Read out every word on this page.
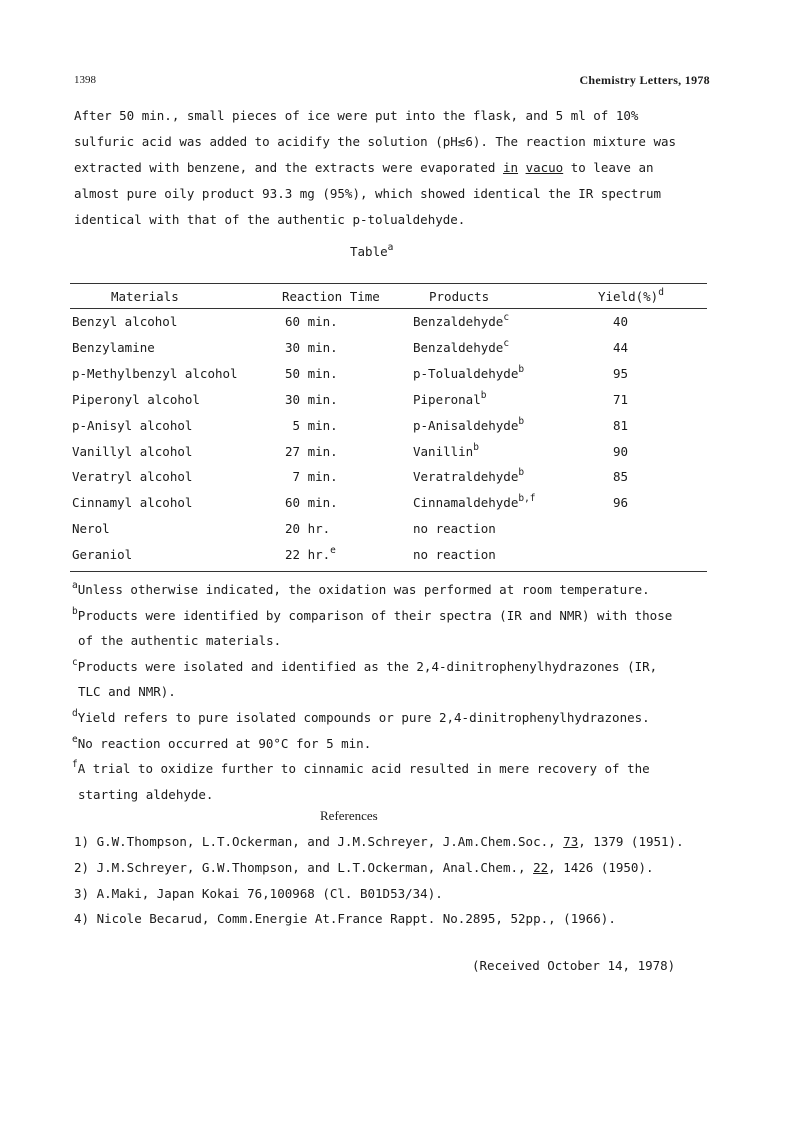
1398	Chemistry Letters, 1978
After 50 min., small pieces of ice were put into the flask, and 5 ml of 10%
sulfuric acid was added to acidify the solution (pH≲6). The reaction mixture was
extracted with benzene, and the extracts were evaporated in vacuo to leave an
almost pure oily product 93.3 mg (95%), which showed identical the IR spectrum
identical with that of the authentic p-tolualdehyde.
Table$^a$
Materials	Reaction Time	Products	Yield(%)$^d$
Benzyl alcohol	60 min.	Benzaldehyde$^c$	40
Benzylamine	30 min.	Benzaldehyde$^c$	44
p-Methylbenzyl alcohol	50 min.	p-Tolualdehyde$^b$	95
Piperonyl alcohol	30 min.	Piperonal$^b$	71
p-Anisyl alcohol	5 min.	p-Anisaldehyde$^b$	81
Vanillyl alcohol	27 min.	Vanillin$^b$	90
Veratryl alcohol	7 min.	Veratraldehyde$^b$	85
Cinnamyl alcohol	60 min.	Cinnamaldehyde$^{b,f}$	96
Nerol	20 hr.	no reaction
Geraniol	22 hr.$^e$	no reaction
$^a$Unless otherwise indicated, the oxidation was performed at room temperature.
$^b$Products were identified by comparison of their spectra (IR and NMR) with those
of the authentic materials.
$^c$Products were isolated and identified as the 2,4-dinitrophenylhydrazones (IR,
TLC and NMR).
$^d$Yield refers to pure isolated compounds or pure 2,4-dinitrophenylhydrazones.
$^e$No reaction occurred at 90°C for 5 min.
$^f$A trial to oxidize further to cinnamic acid resulted in mere recovery of the
starting aldehyde.
1) G.W.Thompson, L.T.Ockerman, and J.M.Schreyer, J.Am.Chem.Soc., 73, 1379 (1951).
2) J.M.Schreyer, G.W.Thompson, and L.T.Ockerman, Anal.Chem., 22, 1426 (1950).
3) A.Maki, Japan Kokai 76,100968 (Cl. B01D53/34).
4) Nicole Becarud, Comm.Energie At.France Rappt. No.2895, 52pp., (1966).
(Received October 14, 1978)
References
